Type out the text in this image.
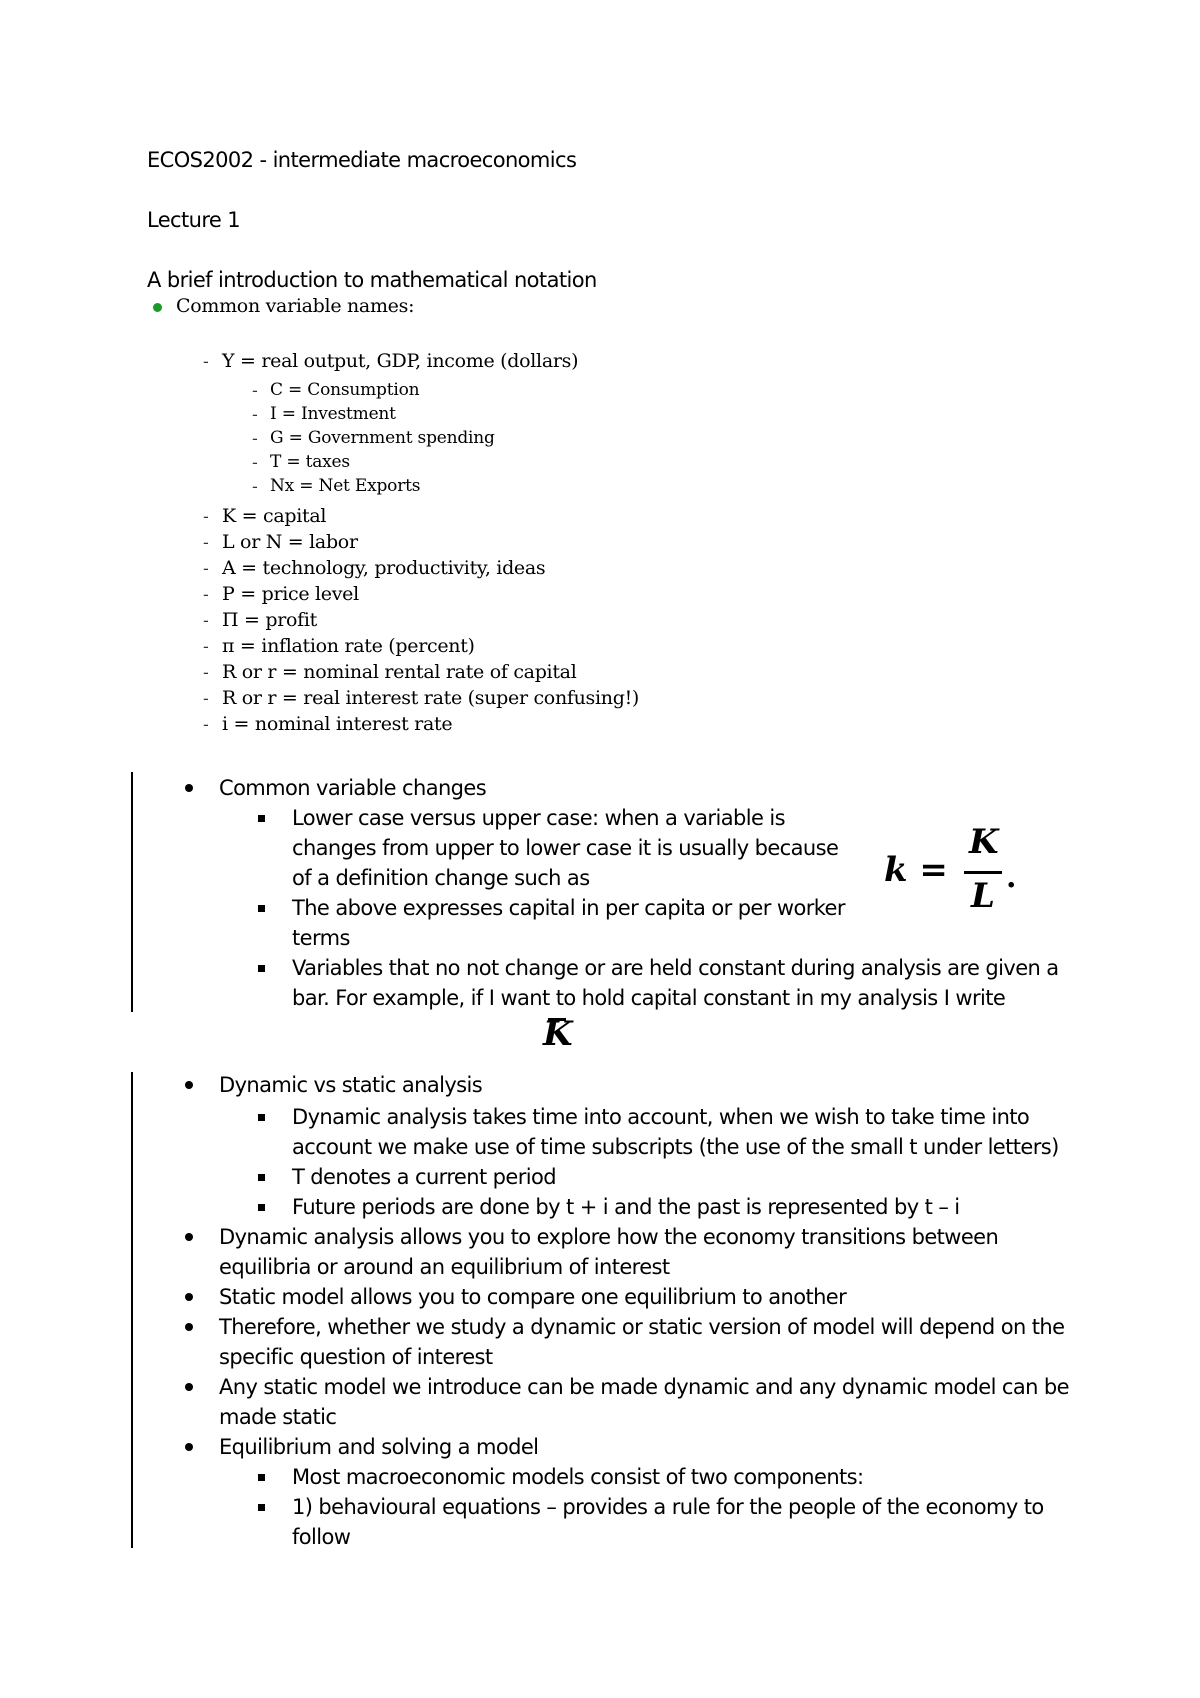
ECOS2002 - intermediate macroeconomics
Lecture 1
A brief introduction to mathematical notation
Common variable names:
- Y = real output, GDP, income (dollars)
- C = Consumption
- I = Investment
- G = Government spending
- T = taxes
- Nx = Net Exports
- K = capital
- L or N = labor
- A = technology, productivity, ideas
- P = price level
- Π = profit
- π = inflation rate (percent)
- R or r = nominal rental rate of capital
- R or r = real interest rate (super confusing!)
- i = nominal interest rate
Common variable changes
Lower case versus upper case: when a variable is
changes from upper to lower case it is usually because
of a definition change such as
The above expresses capital in per capita or per worker
terms
Variables that no not change or are held constant during analysis are given a
bar. For example, if I want to hold capital constant in my analysis I write
k =
K
L .
K
Dynamic vs static analysis
Dynamic analysis takes time into account, when we wish to take time into
account we make use of time subscripts (the use of the small t under letters)
T denotes a current period
Future periods are done by t + i and the past is represented by t – i
Dynamic analysis allows you to explore how the economy transitions between
equilibria or around an equilibrium of interest
Static model allows you to compare one equilibrium to another
Therefore, whether we study a dynamic or static version of model will depend on the
specific question of interest
Any static model we introduce can be made dynamic and any dynamic model can be
made static
Equilibrium and solving a model
Most macroeconomic models consist of two components:
1) behavioural equations – provides a rule for the people of the economy to
follow
